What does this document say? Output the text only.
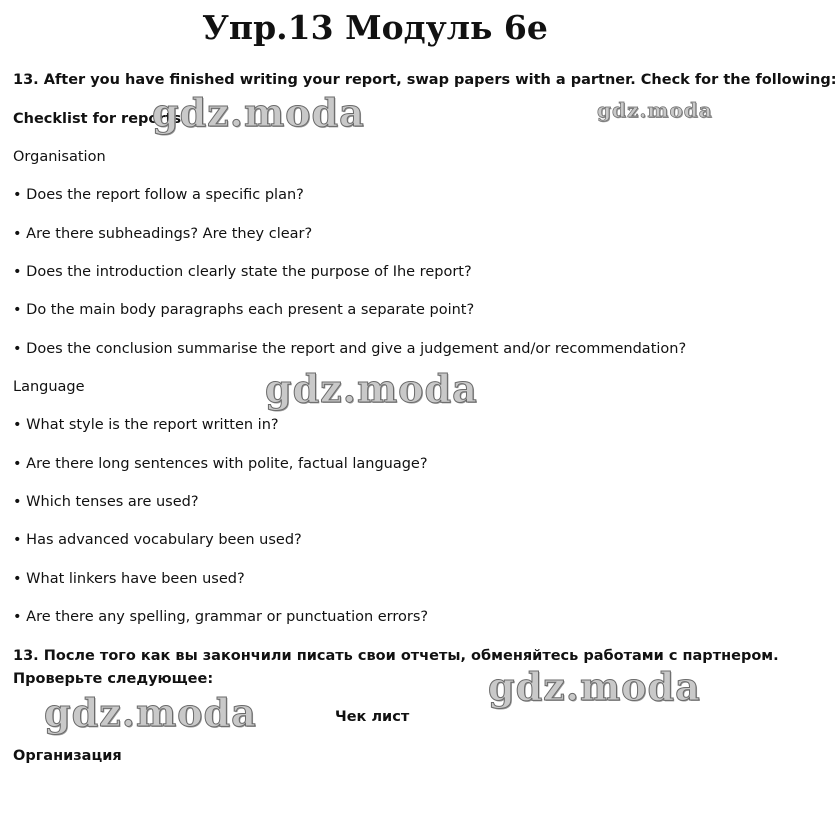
Упр.13 Модуль 6е
13. After you have finished writing your report, swap papers with a partner. Check for the following:
Checklist for reports
Organisation
• Does the report follow a specific plan?
• Are there subheadings? Are they clear?
• Does the introduction clearly state the purpose of Ihe report?
• Do the main body paragraphs each present a separate point?
• Does the conclusion summarise the report and give a judgement and/or recommendation?
Language
• What style is the report written in?
• Are there long sentences with polite, factual language?
• Which tenses are used?
• Has advanced vocabulary been used?
• What linkers have been used?
• Are there any spelling, grammar or punctuation errors?
13. После того как вы закончили писать свои отчеты, обменяйтесь работами с партнером.
Проверьте следующее:
Чек лист
Организация
gdz.moda	gdz.moda
gdz.moda
gdz.moda
gdz.moda
